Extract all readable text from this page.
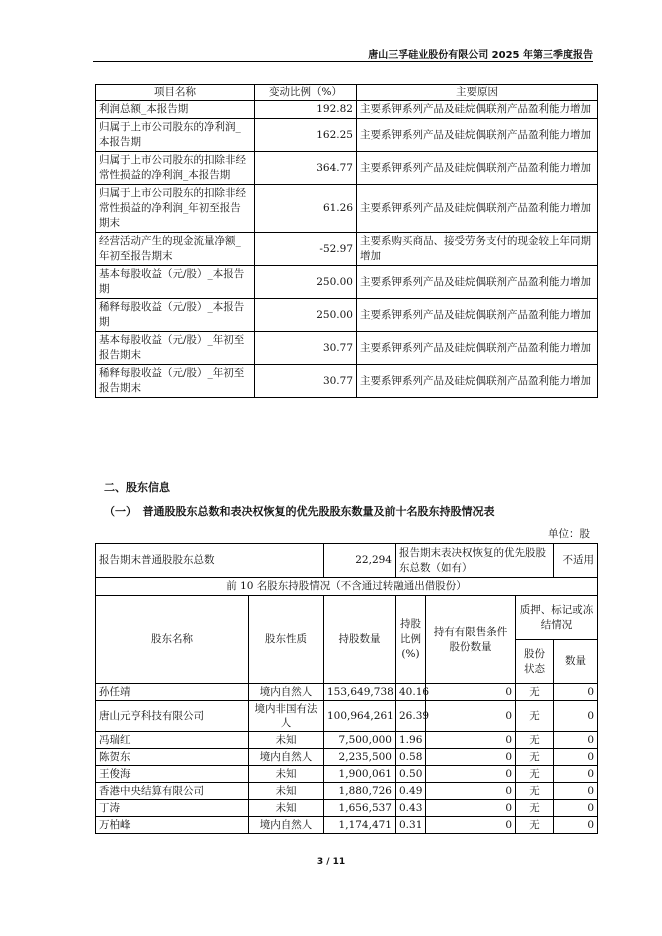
唐山三孚硅业股份有限公司 2025 年第三季度报告
项目名称	变动比例（%）	主要原因
利润总额_本报告期	192.82	主要系钾系列产品及硅烷偶联剂产品盈利能力增加
归属于上市公司股东的净利润_本报告期	162.25	主要系钾系列产品及硅烷偶联剂产品盈利能力增加
归属于上市公司股东的扣除非经常性损益的净利润_本报告期	364.77	主要系钾系列产品及硅烷偶联剂产品盈利能力增加
归属于上市公司股东的扣除非经常性损益的净利润_年初至报告期末	61.26	主要系钾系列产品及硅烷偶联剂产品盈利能力增加
经营活动产生的现金流量净额_年初至报告期末	-52.97	主要系购买商品、接受劳务支付的现金较上年同期增加
基本每股收益（元/股）_本报告期	250.00	主要系钾系列产品及硅烷偶联剂产品盈利能力增加
稀释每股收益（元/股）_本报告期	250.00	主要系钾系列产品及硅烷偶联剂产品盈利能力增加
基本每股收益（元/股）_年初至报告期末	30.77	主要系钾系列产品及硅烷偶联剂产品盈利能力增加
稀释每股收益（元/股）_年初至报告期末	30.77	主要系钾系列产品及硅烷偶联剂产品盈利能力增加
二、股东信息
（一）　普通股股东总数和表决权恢复的优先股股东数量及前十名股东持股情况表
单位：股
报告期末普通股股东总数		22,294	报告期末表决权恢复的优先股股东总数（如有）			不适用
前 10 名股东持股情况（不含通过转融通出借股份）						
股东名称	股东性质	持股数量	持股比例(%)	持有有限售条件股份数量	质押、标记或冻结情况	
					股份状态	数量
孙任靖	境内自然人	153,649,738	40.16	0	无	0
唐山元亨科技有限公司	境内非国有法人	100,964,261	26.39	0	无	0
冯瑞红	未知	7,500,000	1.96	0	无	0
陈贺东	境内自然人	2,235,500	0.58	0	无	0
王俊海	未知	1,900,061	0.50	0	无	0
香港中央结算有限公司	未知	1,880,726	0.49	0	无	0
丁涛	未知	1,656,537	0.43	0	无	0
万柏峰	境内自然人	1,174,471	0.31	0	无	0
3 / 11
